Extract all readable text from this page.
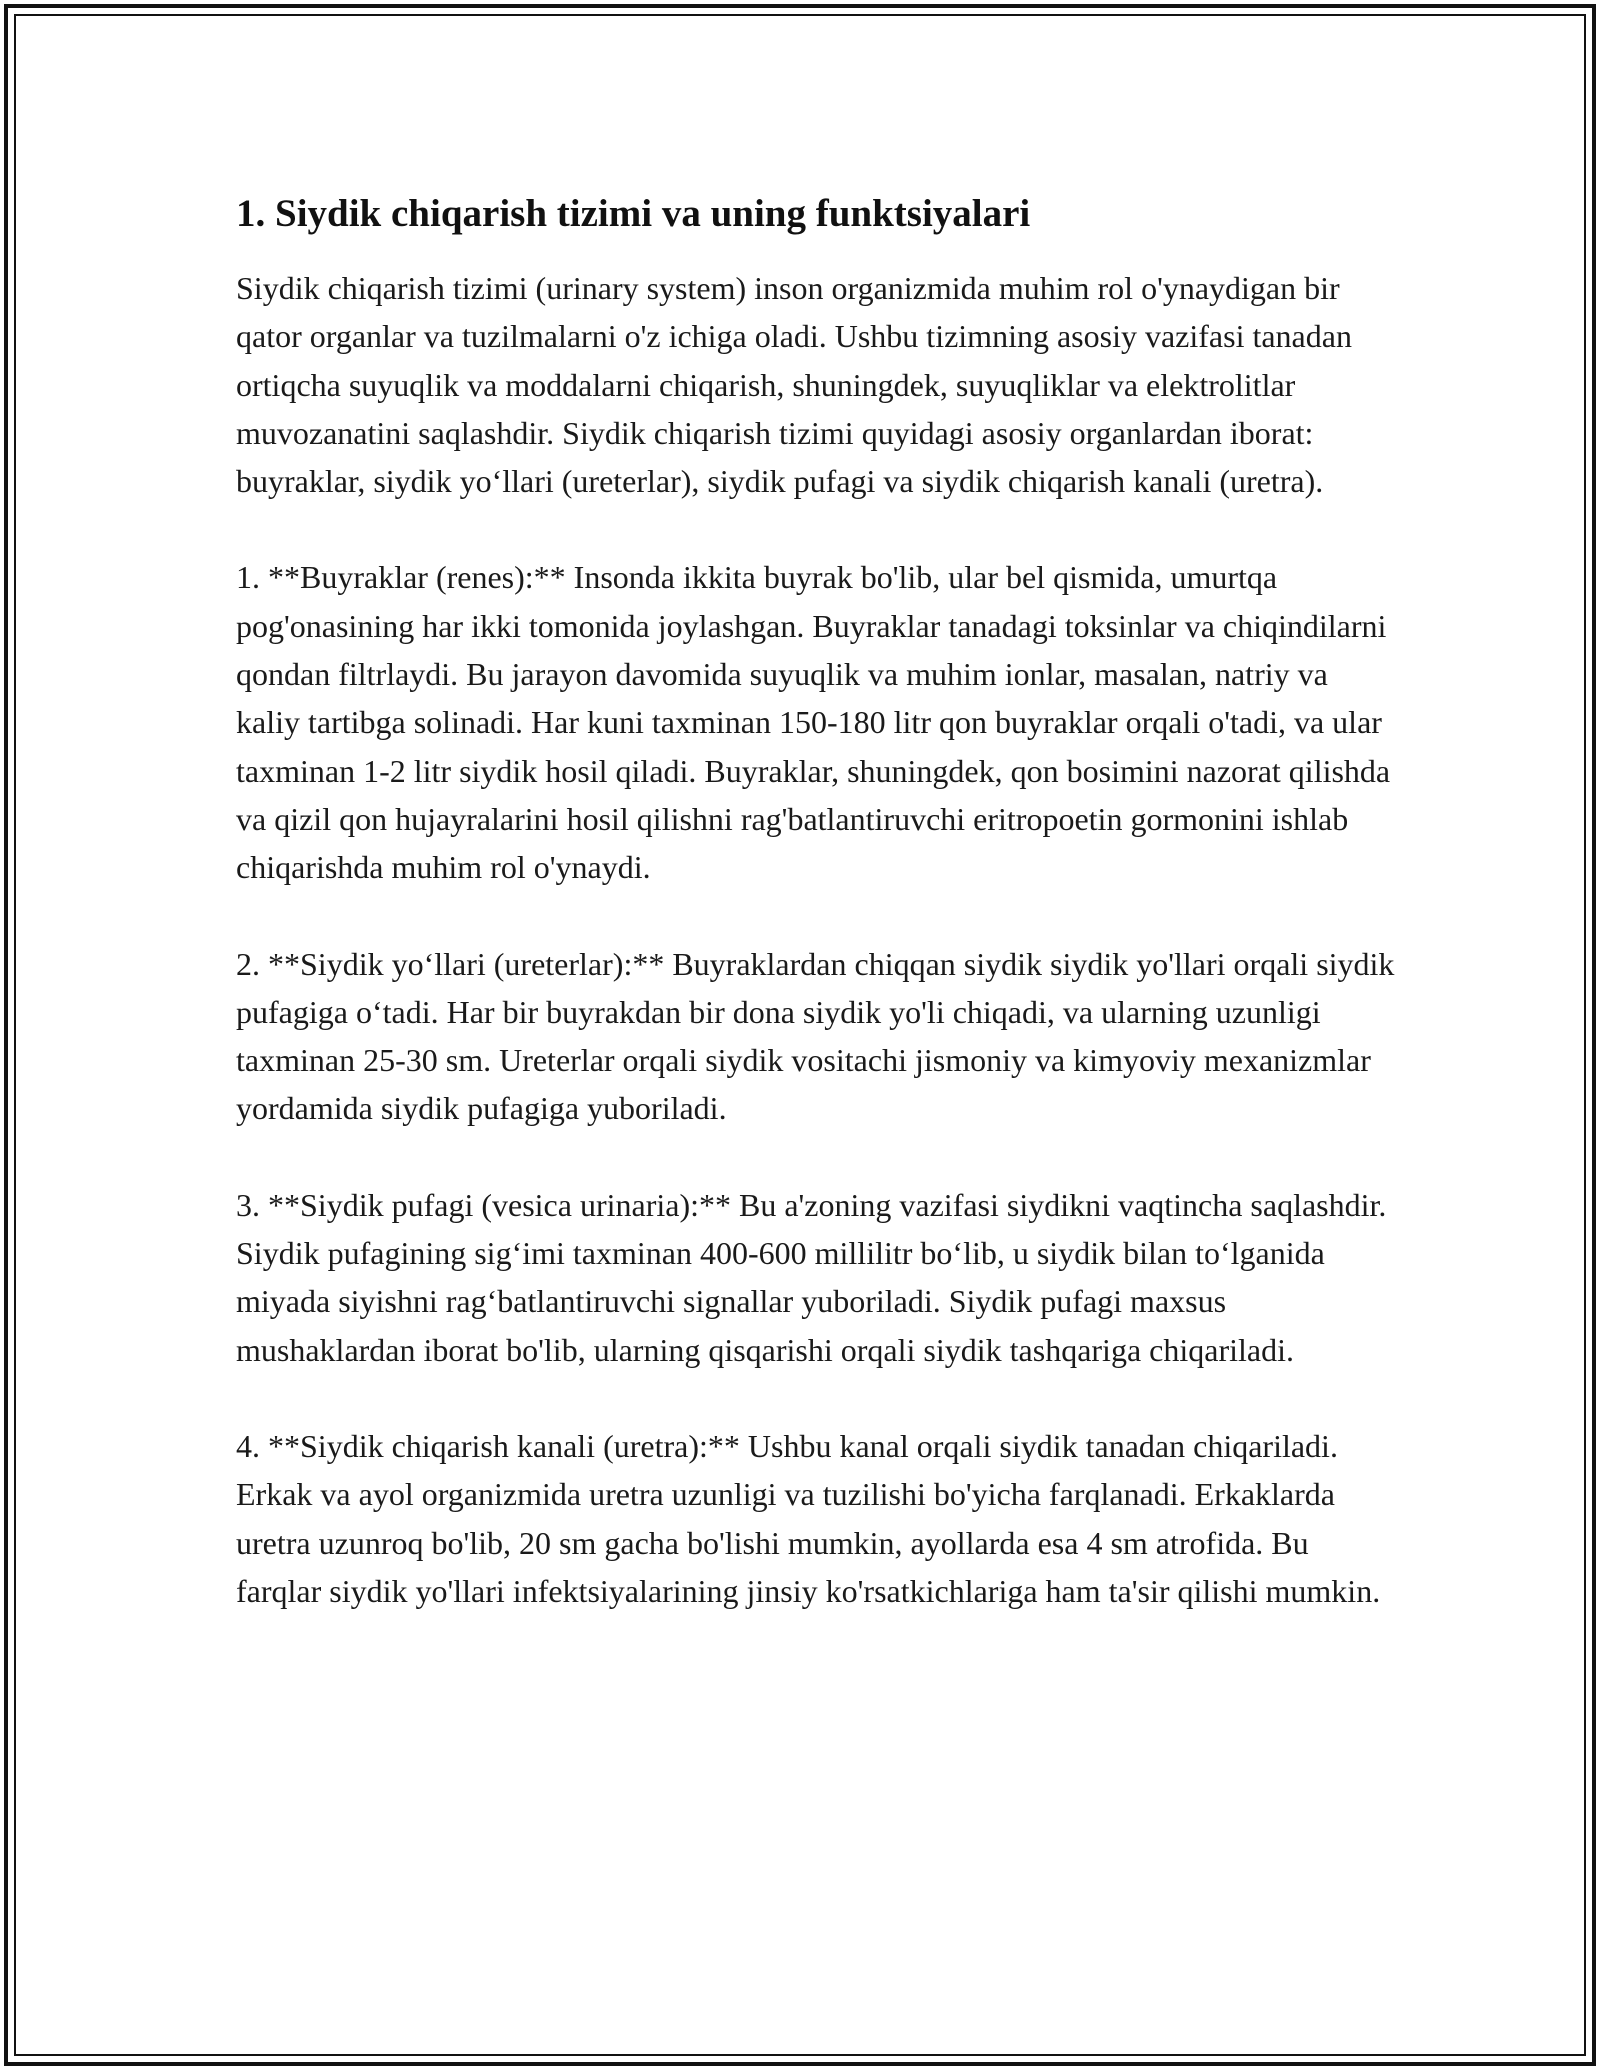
1. Siydik chiqarish tizimi va uning funktsiyalari

Siydik chiqarish tizimi (urinary system) inson organizmida muhim rol o'ynaydigan bir qator organlar va tuzilmalarni o'z ichiga oladi. Ushbu tizimning asosiy vazifasi tanadan ortiqcha suyuqlik va moddalarni chiqarish, shuningdek, suyuqliklar va elektrolitlar muvozanatini saqlashdir. Siydik chiqarish tizimi quyidagi asosiy organlardan iborat: buyraklar, siydik yo‘llari (ureterlar), siydik pufagi va siydik chiqarish kanali (uretra).

1. **Buyraklar (renes):** Insonda ikkita buyrak bo'lib, ular bel qismida, umurtqa pog'onasining har ikki tomonida joylashgan. Buyraklar tanadagi toksinlar va chiqindilarni qondan filtrlaydi. Bu jarayon davomida suyuqlik va muhim ionlar, masalan, natriy va kaliy tartibga solinadi. Har kuni taxminan 150-180 litr qon buyraklar orqali o'tadi, va ular taxminan 1-2 litr siydik hosil qiladi. Buyraklar, shuningdek, qon bosimini nazorat qilishda va qizil qon hujayralarini hosil qilishni rag'batlantiruvchi eritropoetin gormonini ishlab chiqarishda muhim rol o'ynaydi.

2. **Siydik yo‘llari (ureterlar):** Buyraklardan chiqqan siydik siydik yo'llari orqali siydik pufagiga o‘tadi. Har bir buyrakdan bir dona siydik yo'li chiqadi, va ularning uzunligi taxminan 25-30 sm. Ureterlar orqali siydik vositachi jismoniy va kimyoviy mexanizmlar yordamida siydik pufagiga yuboriladi.

3. **Siydik pufagi (vesica urinaria):** Bu a'zoning vazifasi siydikni vaqtincha saqlashdir. Siydik pufagining sig‘imi taxminan 400-600 millilitr bo‘lib, u siydik bilan to‘lganida miyada siyishni rag‘batlantiruvchi signallar yuboriladi. Siydik pufagi maxsus mushaklardan iborat bo'lib, ularning qisqarishi orqali siydik tashqariga chiqariladi.

4. **Siydik chiqarish kanali (uretra):** Ushbu kanal orqali siydik tanadan chiqariladi. Erkak va ayol organizmida uretra uzunligi va tuzilishi bo'yicha farqlanadi. Erkaklarda uretra uzunroq bo'lib, 20 sm gacha bo'lishi mumkin, ayollarda esa 4 sm atrofida. Bu farqlar siydik yo'llari infektsiyalarining jinsiy ko'rsatkichlariga ham ta'sir qilishi mumkin.
